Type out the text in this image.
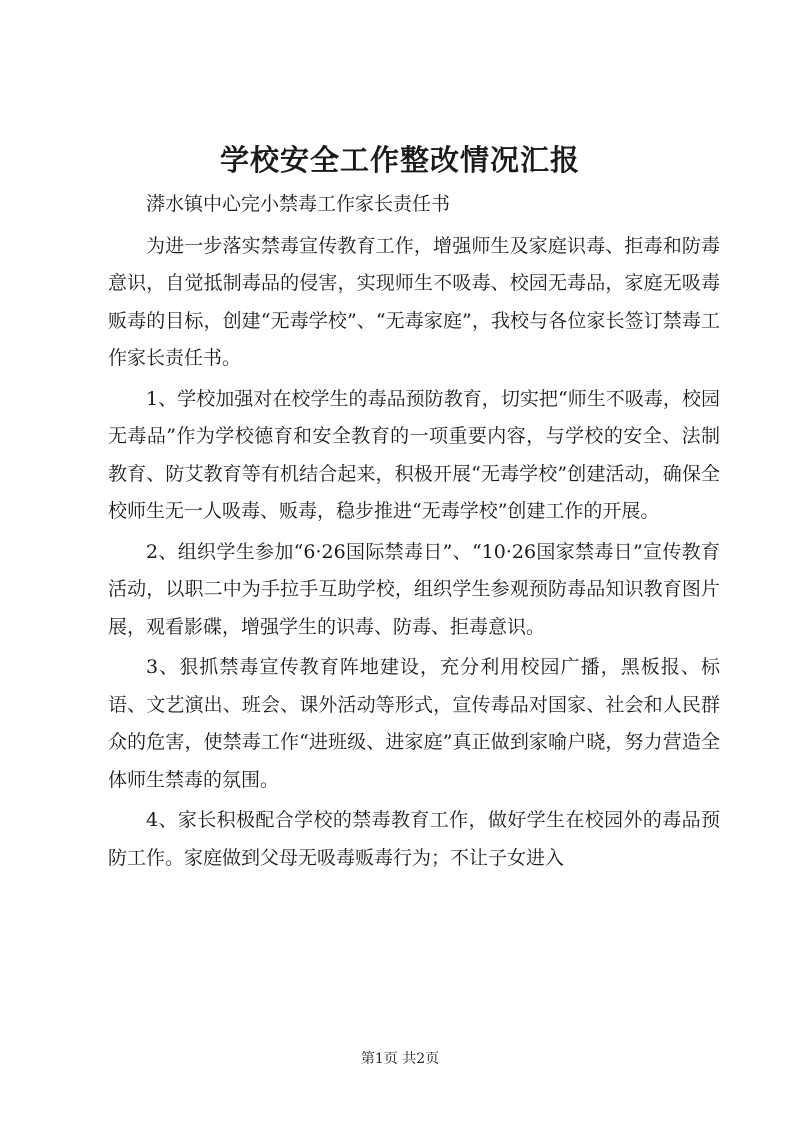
学校安全工作整改情况汇报

漭水镇中心完小禁毒工作家长责任书

为进一步落实禁毒宣传教育工作，增强师生及家庭识毒、拒毒和防毒意识，自觉抵制毒品的侵害，实现师生不吸毒、校园无毒品，家庭无吸毒贩毒的目标，创建“无毒学校”、“无毒家庭”，我校与各位家长签订禁毒工作家长责任书。

1、学校加强对在校学生的毒品预防教育，切实把“师生不吸毒，校园无毒品”作为学校德育和安全教育的一项重要内容，与学校的安全、法制教育、防艾教育等有机结合起来，积极开展“无毒学校”创建活动，确保全校师生无一人吸毒、贩毒，稳步推进“无毒学校”创建工作的开展。

2、组织学生参加“6·26国际禁毒日”、“10·26国家禁毒日”宣传教育活动，以职二中为手拉手互助学校，组织学生参观预防毒品知识教育图片展，观看影碟，增强学生的识毒、防毒、拒毒意识。

3、狠抓禁毒宣传教育阵地建设，充分利用校园广播，黑板报、标语、文艺演出、班会、课外活动等形式，宣传毒品对国家、社会和人民群众的危害，使禁毒工作“进班级、进家庭”真正做到家喻户晓，努力营造全体师生禁毒的氛围。

4、家长积极配合学校的禁毒教育工作，做好学生在校园外的毒品预防工作。家庭做到父母无吸毒贩毒行为；不让子女进入

第1页 共2页
